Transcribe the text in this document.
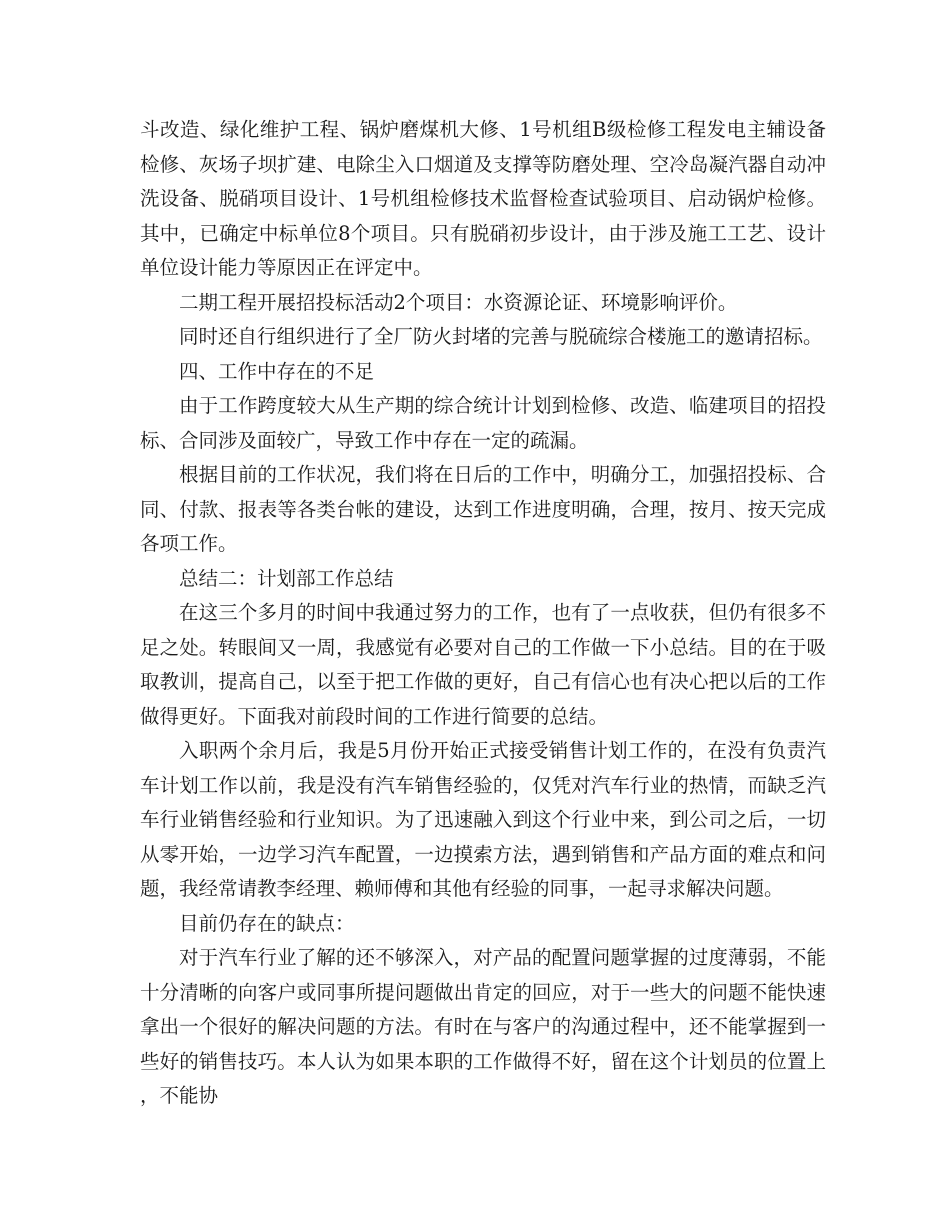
斗改造、绿化维护工程、锅炉磨煤机大修、1号机组B级检修工程发电主辅设备检修、灰场子坝扩建、电除尘入口烟道及支撑等防磨处理、空冷岛凝汽器自动冲洗设备、脱硝项目设计、1号机组检修技术监督检查试验项目、启动锅炉检修。其中，已确定中标单位8个项目。只有脱硝初步设计，由于涉及施工工艺、设计单位设计能力等原因正在评定中。

二期工程开展招投标活动2个项目：水资源论证、环境影响评价。

同时还自行组织进行了全厂防火封堵的完善与脱硫综合楼施工的邀请招标。

四、工作中存在的不足

由于工作跨度较大从生产期的综合统计计划到检修、改造、临建项目的招投标、合同涉及面较广，导致工作中存在一定的疏漏。

根据目前的工作状况，我们将在日后的工作中，明确分工，加强招投标、合同、付款、报表等各类台帐的建设，达到工作进度明确，合理，按月、按天完成各项工作。

总结二：计划部工作总结

在这三个多月的时间中我通过努力的工作，也有了一点收获，但仍有很多不足之处。转眼间又一周，我感觉有必要对自己的工作做一下小总结。目的在于吸取教训，提高自己，以至于把工作做的更好，自己有信心也有决心把以后的工作做得更好。下面我对前段时间的工作进行简要的总结。

入职两个余月后，我是5月份开始正式接受销售计划工作的，在没有负责汽车计划工作以前，我是没有汽车销售经验的，仅凭对汽车行业的热情，而缺乏汽车行业销售经验和行业知识。为了迅速融入到这个行业中来，到公司之后，一切从零开始，一边学习汽车配置，一边摸索方法，遇到销售和产品方面的难点和问题，我经常请教李经理、赖师傅和其他有经验的同事，一起寻求解决问题。

目前仍存在的缺点：

对于汽车行业了解的还不够深入，对产品的配置问题掌握的过度薄弱，不能十分清晰的向客户或同事所提问题做出肯定的回应，对于一些大的问题不能快速拿出一个很好的解决问题的方法。有时在与客户的沟通过程中，还不能掌握到一些好的销售技巧。本人认为如果本职的工作做得不好，留在这个计划员的位置上，不能协
